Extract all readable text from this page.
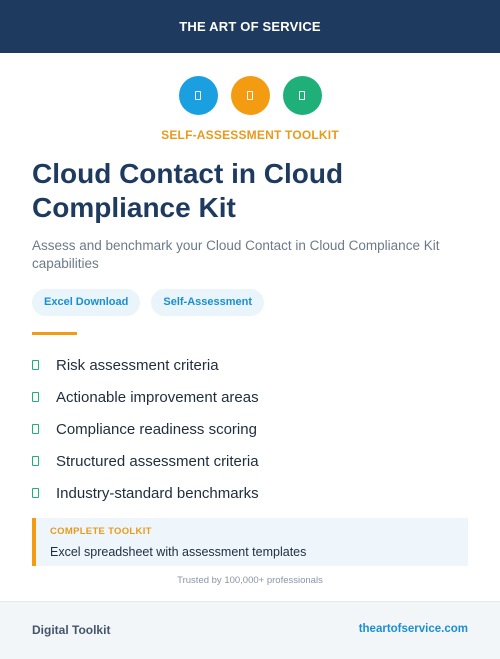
THE ART OF SERVICE
SELF-ASSESSMENT TOOLKIT
Cloud Contact in Cloud Compliance Kit

Assess and benchmark your Cloud Contact in Cloud Compliance Kit capabilities

Excel Download	Self-Assessment
Risk assessment criteria
Actionable improvement areas
Compliance readiness scoring
Structured assessment criteria
Industry-standard benchmarks
COMPLETE TOOLKIT
Excel spreadsheet with assessment templates
Trusted by 100,000+ professionals
Digital Toolkit	theartofservice.com
